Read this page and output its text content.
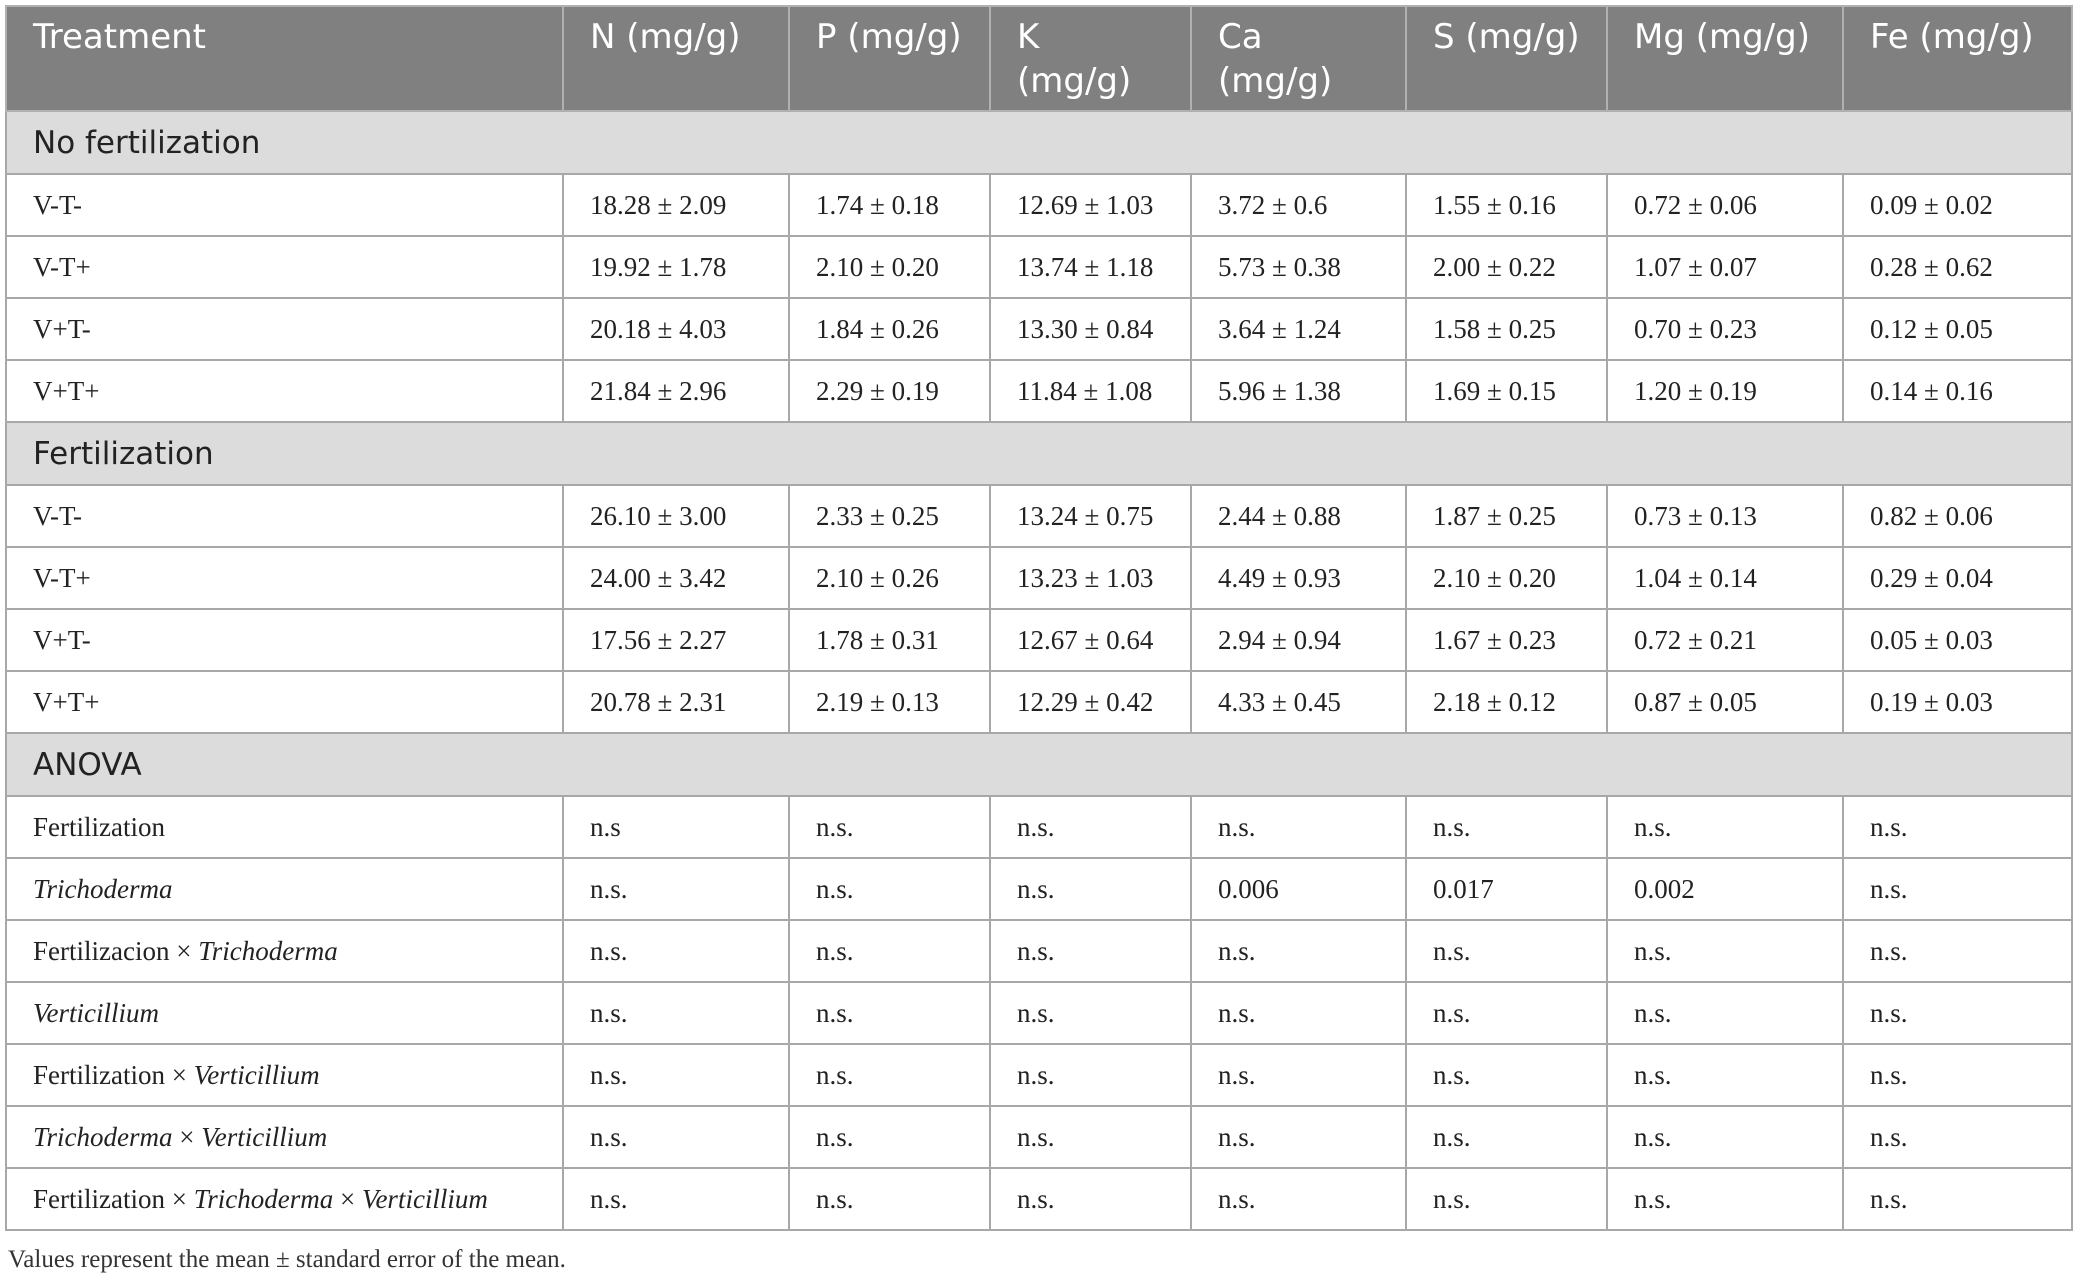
Treatment	N (mg/g)	P (mg/g)	K (mg/g)	Ca (mg/g)	S (mg/g)	Mg (mg/g)	Fe (mg/g)
No fertilization							
V-T-	18.28 ± 2.09	1.74 ± 0.18	12.69 ± 1.03	3.72 ± 0.6	1.55 ± 0.16	0.72 ± 0.06	0.09 ± 0.02
V-T+	19.92 ± 1.78	2.10 ± 0.20	13.74 ± 1.18	5.73 ± 0.38	2.00 ± 0.22	1.07 ± 0.07	0.28 ± 0.62
V+T-	20.18 ± 4.03	1.84 ± 0.26	13.30 ± 0.84	3.64 ± 1.24	1.58 ± 0.25	0.70 ± 0.23	0.12 ± 0.05
V+T+	21.84 ± 2.96	2.29 ± 0.19	11.84 ± 1.08	5.96 ± 1.38	1.69 ± 0.15	1.20 ± 0.19	0.14 ± 0.16
Fertilization							
V-T-	26.10 ± 3.00	2.33 ± 0.25	13.24 ± 0.75	2.44 ± 0.88	1.87 ± 0.25	0.73 ± 0.13	0.82 ± 0.06
V-T+	24.00 ± 3.42	2.10 ± 0.26	13.23 ± 1.03	4.49 ± 0.93	2.10 ± 0.20	1.04 ± 0.14	0.29 ± 0.04
V+T-	17.56 ± 2.27	1.78 ± 0.31	12.67 ± 0.64	2.94 ± 0.94	1.67 ± 0.23	0.72 ± 0.21	0.05 ± 0.03
V+T+	20.78 ± 2.31	2.19 ± 0.13	12.29 ± 0.42	4.33 ± 0.45	2.18 ± 0.12	0.87 ± 0.05	0.19 ± 0.03
ANOVA							
Fertilization	n.s	n.s.	n.s.	n.s.	n.s.	n.s.	n.s.
Trichoderma	n.s.	n.s.	n.s.	0.006	0.017	0.002	n.s.
Fertilizacion × Trichoderma	n.s.	n.s.	n.s.	n.s.	n.s.	n.s.	n.s.
Verticillium	n.s.	n.s.	n.s.	n.s.	n.s.	n.s.	n.s.
Fertilization × Verticillium	n.s.	n.s.	n.s.	n.s.	n.s.	n.s.	n.s.
Trichoderma × Verticillium	n.s.	n.s.	n.s.	n.s.	n.s.	n.s.	n.s.
Fertilization × Trichoderma × Verticillium	n.s.	n.s.	n.s.	n.s.	n.s.	n.s.	n.s.
Values represent the mean ± standard error of the mean.
